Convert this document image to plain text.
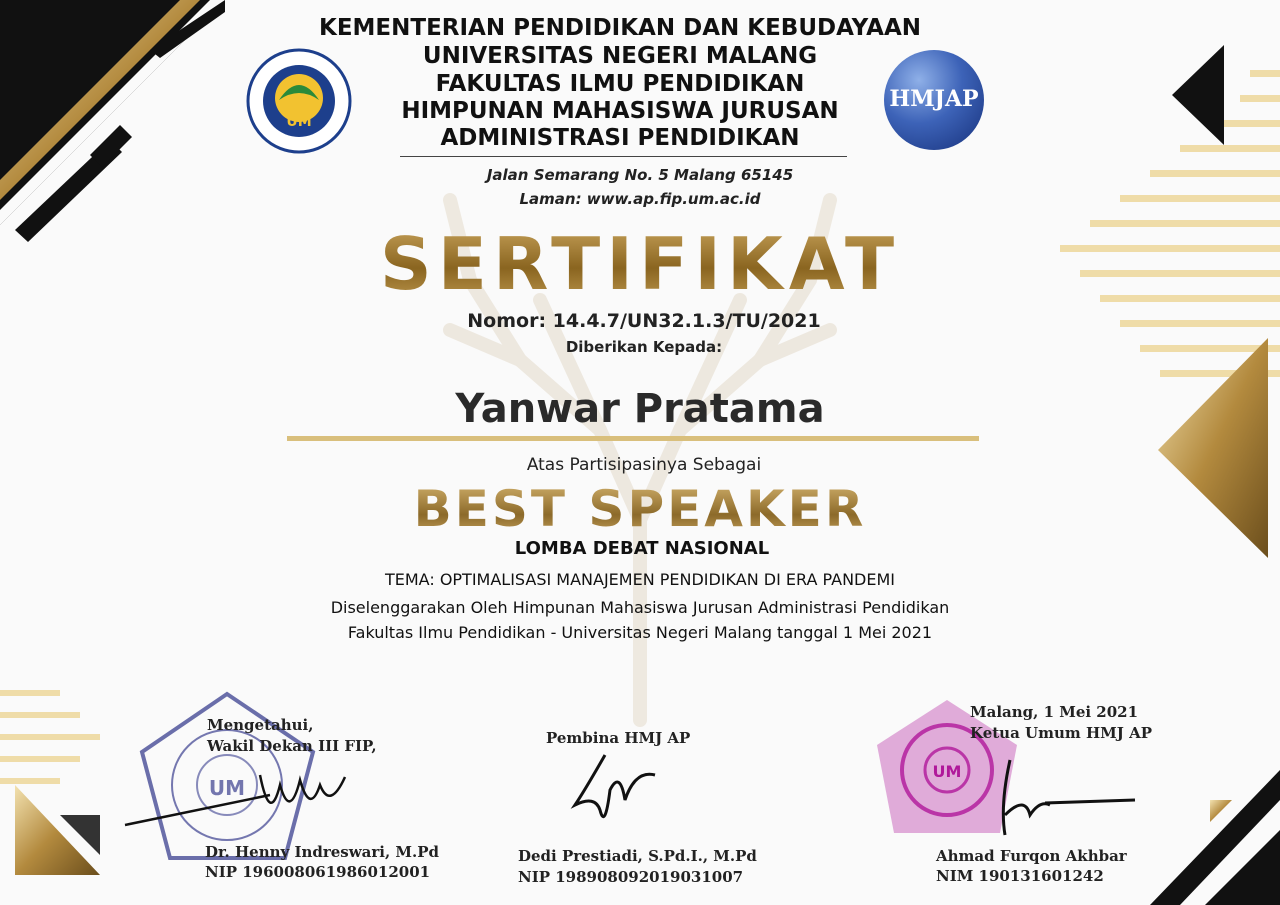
UM
HMJAP
KEMENTERIAN PENDIDIKAN DAN KEBUDAYAAN
UNIVERSITAS NEGERI MALANG
FAKULTAS ILMU PENDIDIKAN
HIMPUNAN MAHASISWA JURUSAN
ADMINISTRASI PENDIDIKAN
Jalan Semarang No. 5 Malang 65145
Laman: www.ap.fip.um.ac.id
SERTIFIKAT
Nomor: 14.4.7/UN32.1.3/TU/2021
Diberikan Kepada:
Yanwar Pratama
Atas Partisipasinya Sebagai
BEST SPEAKER
LOMBA DEBAT NASIONAL
TEMA: OPTIMALISASI MANAJEMEN PENDIDIKAN DI ERA PANDEMI
Diselenggarakan Oleh Himpunan Mahasiswa Jurusan Administrasi Pendidikan
Fakultas Ilmu Pendidikan - Universitas Negeri Malang tanggal 1 Mei 2021
UM
Mengetahui,
Wakil Dekan III FIP,
Dr. Henny Indreswari, M.Pd
NIP 196008061986012001
Pembina HMJ AP
Dedi Prestiadi, S.Pd.I., M.Pd
NIP 198908092019031007
UM
Malang, 1 Mei 2021
Ketua Umum HMJ AP
Ahmad Furqon Akhbar
NIM 190131601242
